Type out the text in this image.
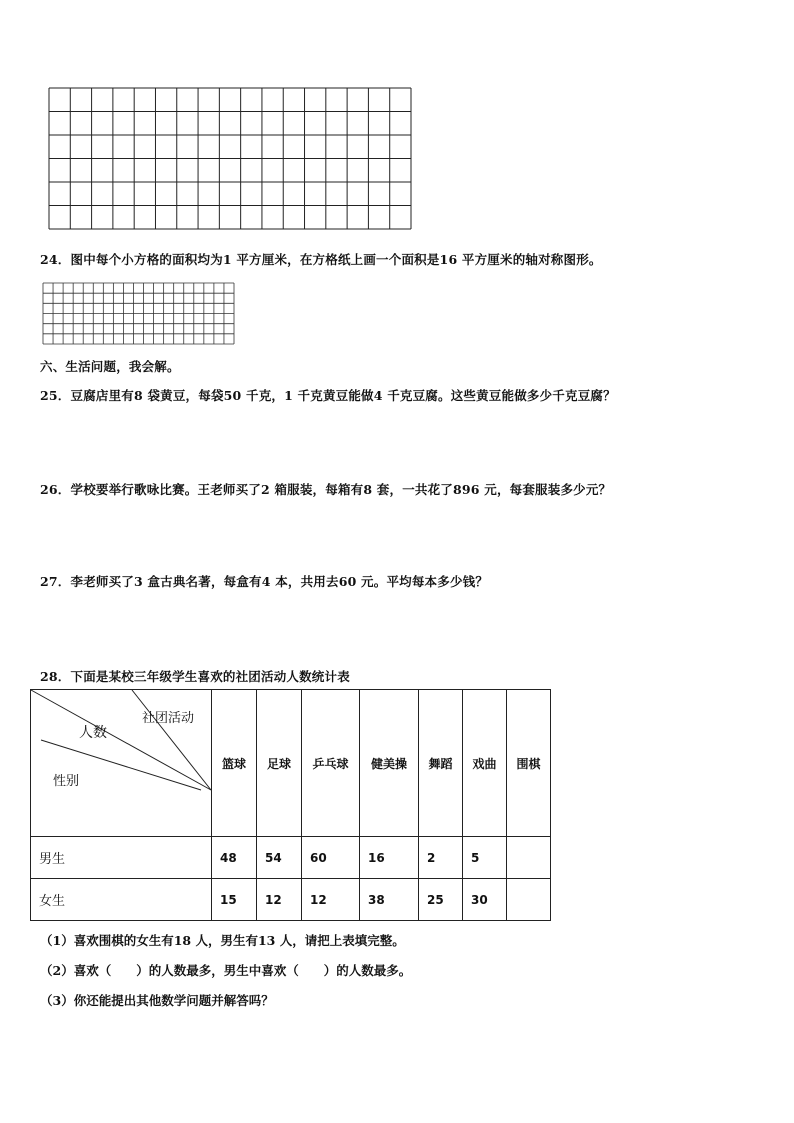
24．图中每个小方格的面积均为1 平方厘米，在方格纸上画一个面积是16 平方厘米的轴对称图形。
六、生活问题，我会解。
25．豆腐店里有8 袋黄豆，每袋50 千克，1 千克黄豆能做4 千克豆腐。这些黄豆能做多少千克豆腐？
26．学校要举行歌咏比赛。王老师买了2 箱服装，每箱有8 套，一共花了896 元，每套服装多少元？
27．李老师买了3 盒古典名著，每盒有4 本，共用去60 元。平均每本多少钱？
28．下面是某校三年级学生喜欢的社团活动人数统计表
社团活动
人数
性别	篮球	足球	乒乓球	健美操	舞蹈	戏曲	围棋
男生	48	54	60	16	2	5	
女生	15	12	12	38	25	30	
（1）喜欢围棋的女生有18 人，男生有13 人，请把上表填完整。
（2）喜欢（　　）的人数最多，男生中喜欢（　　）的人数最多。
（3）你还能提出其他数学问题并解答吗？
